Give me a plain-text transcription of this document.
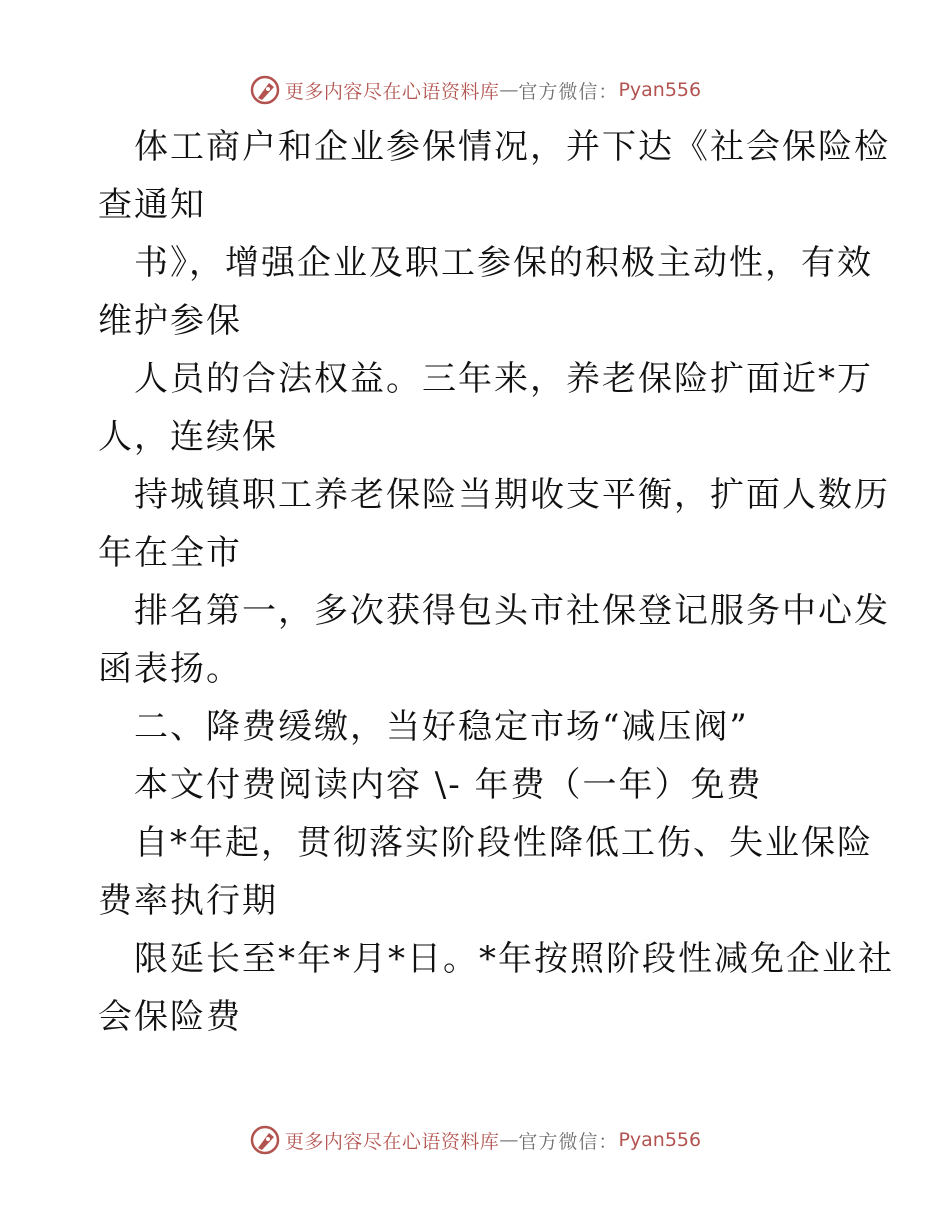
更多内容尽在心语资料库 — 官方微信： Pyan556
体工商户和企业参保情况，并下达《社会保险检
查通知
书》，增强企业及职工参保的积极主动性，有效
维护参保
人员的合法权益。三年来，养老保险扩面近*万
人，连续保
持城镇职工养老保险当期收支平衡，扩面人数历
年在全市
排名第一，多次获得包头市社保登记服务中心发
函表扬。
二、降费缓缴，当好稳定市场“减压阀”
本文付费阅读内容 \- 年费（一年）免费
自*年起，贯彻落实阶段性降低工伤、失业保险
费率执行期
限延长至*年*月*日。*年按照阶段性减免企业社
会保险费
更多内容尽在心语资料库 — 官方微信： Pyan556
